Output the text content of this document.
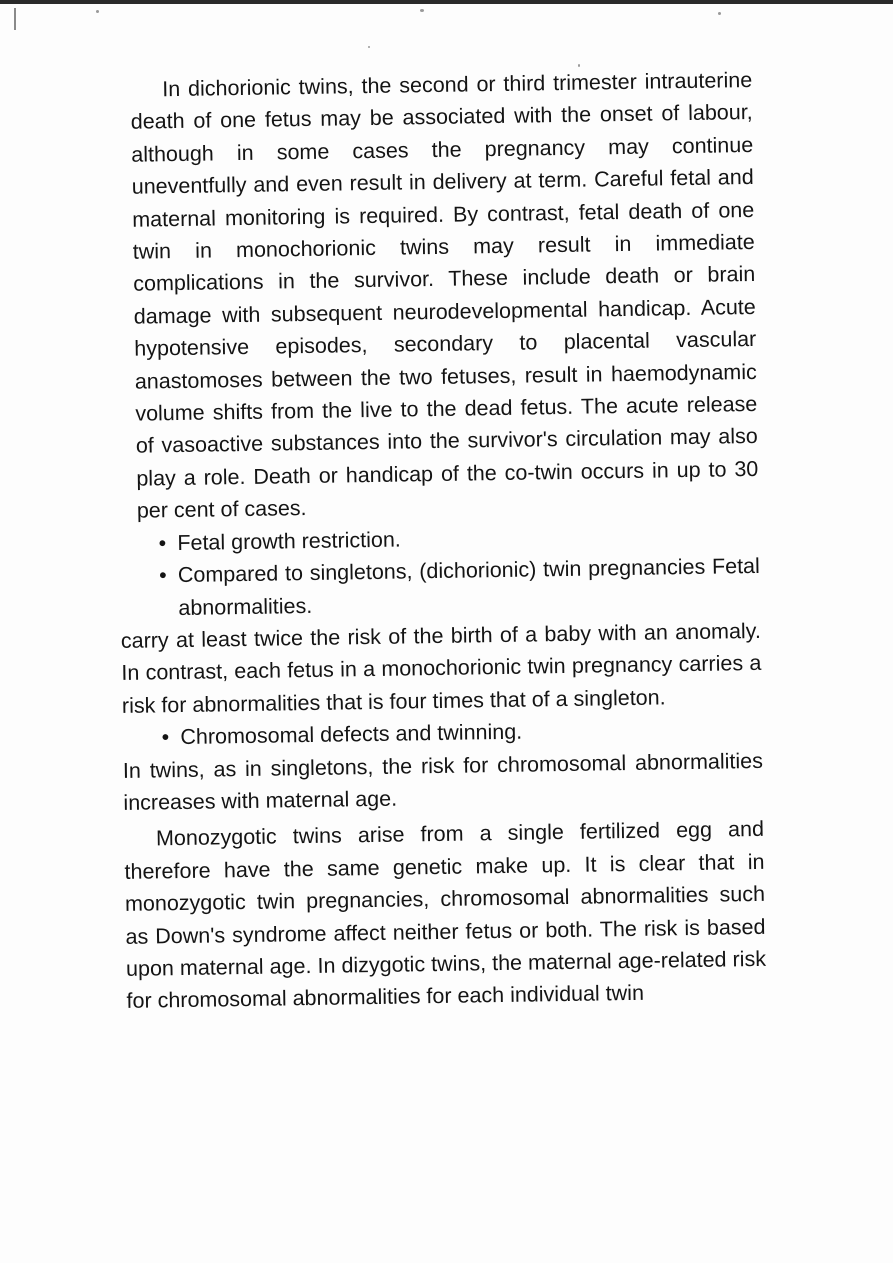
In dichorionic twins, the second or third trimester intrauterine death of one fetus may be associated with the onset of labour, although in some cases the pregnancy may continue uneventfully and even result in delivery at term. Careful fetal and maternal monitoring is required. By contrast, fetal death of one twin in monochorionic twins may result in immediate complications in the survivor. These include death or brain damage with subsequent neurodevelopmental handicap. Acute hypotensive episodes, secondary to placental vascular anastomoses between the two fetuses, result in haemodynamic volume shifts from the live to the dead fetus. The acute release of vasoactive substances into the survivor's circulation may also play a role. Death or handicap of the co-twin occurs in up to 30 per cent of cases.

• Fetal growth restriction.
• Compared to singletons, (dichorionic) twin pregnancies Fetal abnormalities.

carry at least twice the risk of the birth of a baby with an anomaly. In contrast, each fetus in a monochorionic twin pregnancy carries a risk for abnormalities that is four times that of a singleton.

• Chromosomal defects and twinning.

In twins, as in singletons, the risk for chromosomal abnormalities increases with maternal age.

Monozygotic twins arise from a single fertilized egg and therefore have the same genetic make up. It is clear that in monozygotic twin pregnancies, chromosomal abnormalities such as Down's syndrome affect neither fetus or both. The risk is based upon maternal age. In dizygotic twins, the maternal age-related risk for chromosomal abnormalities for each individual twin
